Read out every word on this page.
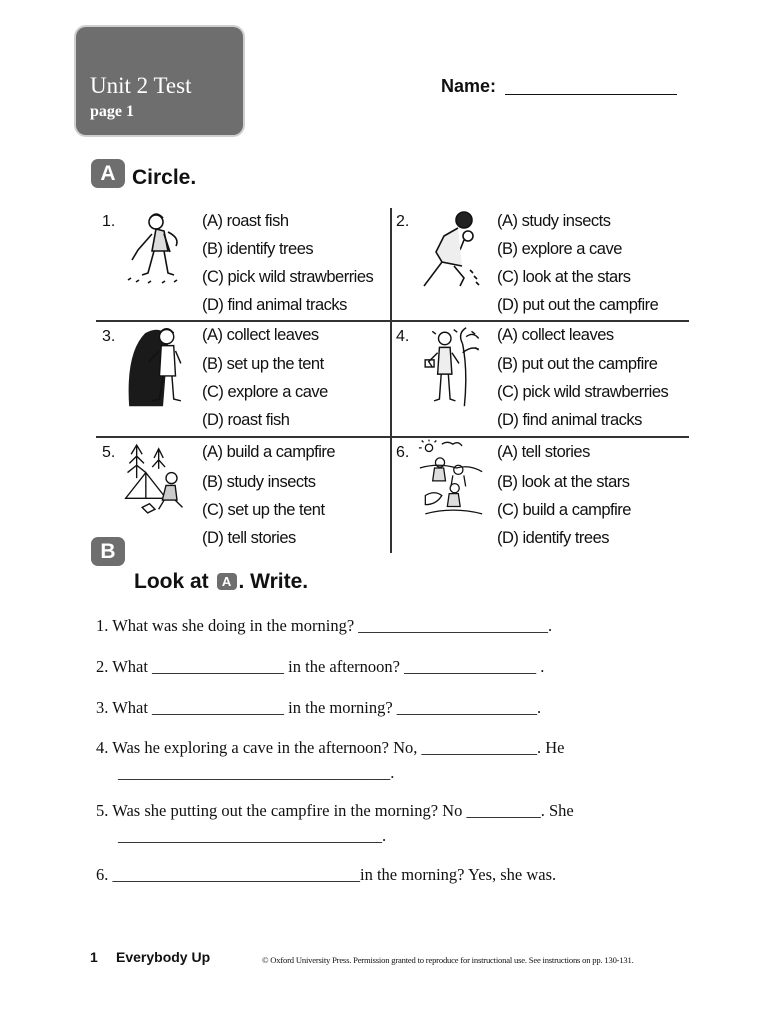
Unit 2 Test
page 1
Name:
A Circle.
1.	(A) roast fish
(B) identify trees
(C) pick wild strawberries
(D) find animal tracks
2.	(A) study insects
(B) explore a cave
(C) look at the stars
(D) put out the campfire
3.	(A) collect leaves
(B) set up the tent
(C) explore a cave
(D) roast fish
4.	(A) collect leaves
(B) put out the campfire
(C) pick wild strawberries
(D) find animal tracks
5.	(A) build a campfire
(B) study insects
(C) set up the tent
(D) tell stories
6.	(A) tell stories
(B) look at the stars
(C) build a campfire
(D) identify trees
B
Look at A . Write.
1. What was she doing in the morning? _______________________.
2. What ________________ in the afternoon? ________________ .
3. What ________________ in the morning? _________________.
4. Was he exploring a cave in the afternoon? No, ______________. He
_________________________________.
5. Was she putting out the campfire in the morning? No _________. She
________________________________.
6. ______________________________in the morning? Yes, she was.
1 Everybody Up	© Oxford University Press. Permission granted to reproduce for instructional use. See instructions on pp. 130-131.
